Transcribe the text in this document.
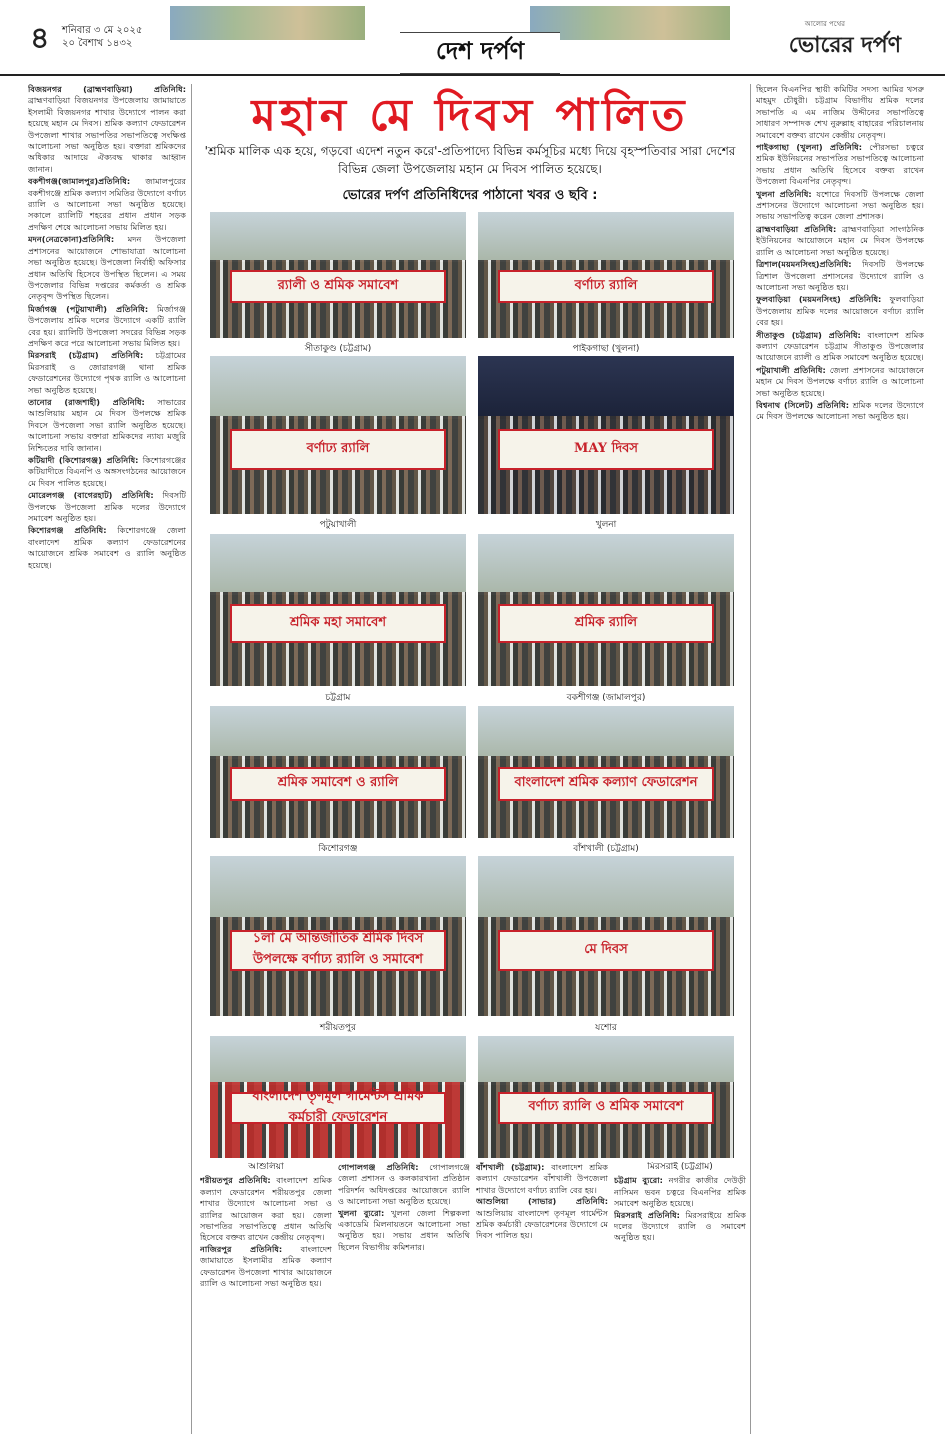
৪ শনিবার ৩ মে ২০২৫
২০ বৈশাখ ১৪৩২	দেশ দর্পণ
আলোর পথের
ভোরের দর্পণ

বিজয়নগর (ব্রাহ্মণবাড়িয়া) প্রতিনিধি: ব্রাহ্মণবাড়িয়া বিজয়নগর উপজেলায় জামায়াতে ইসলামী বিজয়নগর শাখার উদ্যোগে পালন করা হয়েছে মহান মে দিবস। শ্রমিক কল্যাণ ফেডারেশন উপজেলা শাখার সভাপতির সভাপতিত্বে সংক্ষিপ্ত আলোচনা সভা অনুষ্ঠিত হয়। বক্তারা শ্রমিকদের অধিকার আদায়ে ঐক্যবদ্ধ থাকার আহ্বান জানান।

বকশীগঞ্জ(জামালপুর)প্রতিনিধি: জামালপুরের বকশীগঞ্জে শ্রমিক কল্যাণ সমিতির উদ্যোগে বর্ণাঢ্য র‍্যালি ও আলোচনা সভা অনুষ্ঠিত হয়েছে। সকালে র‍্যালিটি শহরের প্রধান প্রধান সড়ক প্রদক্ষিণ শেষে আলোচনা সভায় মিলিত হয়।

মদন(নেত্রকোনা)প্রতিনিধি: মদন উপজেলা প্রশাসনের আয়োজনে শোভাযাত্রা আলোচনা সভা অনুষ্ঠিত হয়েছে। উপজেলা নির্বাহী অফিসার প্রধান অতিথি হিসেবে উপস্থিত ছিলেন। এ সময় উপজেলার বিভিন্ন দপ্তরের কর্মকর্তা ও শ্রমিক নেতৃবৃন্দ উপস্থিত ছিলেন।

মির্জাগঞ্জ (পটুয়াখালী) প্রতিনিধি: মির্জাগঞ্জ উপজেলায় শ্রমিক দলের উদ্যোগে একটি র‍্যালি বের হয়। র‍্যালিটি উপজেলা সদরের বিভিন্ন সড়ক প্রদক্ষিণ করে পরে আলোচনা সভায় মিলিত হয়।

মিরসরাই (চট্টগ্রাম) প্রতিনিধি: চট্টগ্রামের মিরসরাই ও জোরারগঞ্জ থানা শ্রমিক ফেডারেশনের উদ্যোগে পৃথক র‍্যালি ও আলোচনা সভা অনুষ্ঠিত হয়েছে।

তানোর (রাজশাহী) প্রতিনিধি: সাভারের আশুলিয়ায় মহান মে দিবস উপলক্ষে শ্রমিক দিবসে উপজেলা সভা র‍্যালি অনুষ্ঠিত হয়েছে। আলোচনা সভায় বক্তারা শ্রমিকদের ন্যায্য মজুরি নিশ্চিতের দাবি জানান।

কটিয়াদী (কিশোরগঞ্জ) প্রতিনিধি: কিশোরগঞ্জের কটিয়াদীতে বিএনপি ও অঙ্গসংগঠনের আয়োজনে মে দিবস পালিত হয়েছে।

মোরেলগঞ্জ (বাগেরহাট) প্রতিনিধি: দিবসটি উপলক্ষে উপজেলা শ্রমিক দলের উদ্যোগে সমাবেশ অনুষ্ঠিত হয়।

কিশোরগঞ্জ প্রতিনিধি: কিশোরগঞ্জে জেলা বাংলাদেশ শ্রমিক কল্যাণ ফেডারেশনের আয়োজনে শ্রমিক সমাবেশ ও র‍্যালি অনুষ্ঠিত হয়েছে।

মহান মে দিবস পালিত
'শ্রমিক মালিক এক হয়ে, গড়বো এদেশ নতুন করে'-প্রতিপাদ্যে বিভিন্ন কর্মসূচির মধ্যে দিয়ে বৃহস্পতিবার সারা দেশের বিভিন্ন জেলা উপজেলায় মহান মে দিবস পালিত হয়েছে।
ভোরের দর্পণ প্রতিনিধিদের পাঠানো খবর ও ছবি :
র‍্যালী ও শ্রমিক সমাবেশ
সীতাকুণ্ড (চট্টগ্রাম)
বর্ণাঢ্য র‍্যালি
পাইকগাছা (খুলনা)
বর্ণাঢ্য র‍্যালি
পটুয়াখালী
MAY দিবস
খুলনা
শ্রমিক মহা সমাবেশ
চট্টগ্রাম
শ্রমিক র‍্যালি
বকশীগঞ্জ (জামালপুর)
শ্রমিক সমাবেশ ও র‍্যালি
কিশোরগঞ্জ
বাংলাদেশ শ্রমিক কল্যাণ ফেডারেশন
বাঁশখালী (চট্টগ্রাম)
১লা মে আন্তর্জাতিক শ্রমিক দিবস উপলক্ষে বর্ণাঢ্য র‍্যালি ও সমাবেশ
শরীয়তপুর
মে দিবস
যশোর
বাংলাদেশ তৃণমূল গার্মেন্টস শ্রমিক কর্মচারী ফেডারেশন
বর্ণাঢ্য র‍্যালি ও শ্রমিক সমাবেশ
আশুলিয়া

শরীয়তপুর প্রতিনিধি: বাংলাদেশ শ্রমিক কল্যাণ ফেডারেশন শরীয়তপুর জেলা শাখার উদ্যোগে আলোচনা সভা ও র‍্যালির আয়োজন করা হয়। জেলা সভাপতির সভাপতিত্বে প্রধান অতিথি হিসেবে বক্তব্য রাখেন কেন্দ্রীয় নেতৃবৃন্দ।

নাজিরপুর প্রতিনিধি: বাংলাদেশ জামায়াতে ইসলামীর শ্রমিক কল্যাণ ফেডারেশন উপজেলা শাখার আয়োজনে র‍্যালি ও আলোচনা সভা অনুষ্ঠিত হয়।

গোপালগঞ্জ প্রতিনিধি: গোপালগঞ্জে জেলা প্রশাসন ও কলকারখানা প্রতিষ্ঠান পরিদর্শন অধিদপ্তরের আয়োজনে র‍্যালি ও আলোচনা সভা অনুষ্ঠিত হয়েছে।

খুলনা ব্যুরো: খুলনা জেলা শিল্পকলা একাডেমি মিলনায়তনে আলোচনা সভা অনুষ্ঠিত হয়। সভায় প্রধান অতিথি ছিলেন বিভাগীয় কমিশনার।

বাঁশখালী (চট্টগ্রাম): বাংলাদেশ শ্রমিক কল্যাণ ফেডারেশন বাঁশখালী উপজেলা শাখার উদ্যোগে বর্ণাঢ্য র‍্যালি বের হয়।

আশুলিয়া (সাভার) প্রতিনিধি: আশুলিয়ায় বাংলাদেশ তৃণমূল গার্মেন্টস শ্রমিক কর্মচারী ফেডারেশনের উদ্যোগে মে দিবস পালিত হয়।

মিরসরাই (চট্টগ্রাম)

চট্টগ্রাম ব্যুরো: নগরীর কাজীর দেউড়ী নাসিমন ভবন চত্বরে বিএনপির শ্রমিক সমাবেশ অনুষ্ঠিত হয়েছে।

মিরসরাই প্রতিনিধি: মিরসরাইয়ে শ্রমিক দলের উদ্যোগে র‍্যালি ও সমাবেশ অনুষ্ঠিত হয়।

ছিলেন বিএনপির স্থায়ী কমিটির সদস্য আমির খসরু মাহমুদ চৌধুরী। চট্টগ্রাম বিভাগীয় শ্রমিক দলের সভাপতি এ এম নাজিম উদ্দীনের সভাপতিত্বে সাধারণ সম্পাদক শেখ নুরুল্লাহ বাহারের পরিচালনায় সমাবেশে বক্তব্য রাখেন কেন্দ্রীয় নেতৃবৃন্দ।

পাইকগাছা (খুলনা) প্রতিনিধি: পৌরসভা চত্বরে শ্রমিক ইউনিয়নের সভাপতির সভাপতিত্বে আলোচনা সভায় প্রধান অতিথি হিসেবে বক্তব্য রাখেন উপজেলা বিএনপির নেতৃবৃন্দ।

খুলনা প্রতিনিধি: যশোরে দিবসটি উপলক্ষে জেলা প্রশাসনের উদ্যোগে আলোচনা সভা অনুষ্ঠিত হয়। সভায় সভাপতিত্ব করেন জেলা প্রশাসক।

ব্রাহ্মণবাড়িয়া প্রতিনিধি: ব্রাহ্মণবাড়িয়া সাংগঠনিক ইউনিয়নের আয়োজনে মহান মে দিবস উপলক্ষে র‍্যালি ও আলোচনা সভা অনুষ্ঠিত হয়েছে।

ত্রিশাল(ময়মনসিংহ)প্রতিনিধি: দিবসটি উপলক্ষে ত্রিশাল উপজেলা প্রশাসনের উদ্যোগে র‍্যালি ও আলোচনা সভা অনুষ্ঠিত হয়।

ফুলবাড়িয়া (ময়মনসিংহ) প্রতিনিধি: ফুলবাড়িয়া উপজেলায় শ্রমিক দলের আয়োজনে বর্ণাঢ্য র‍্যালি বের হয়।

সীতাকুণ্ড (চট্টগ্রাম) প্রতিনিধি: বাংলাদেশ শ্রমিক কল্যাণ ফেডারেশন চট্টগ্রাম সীতাকুণ্ড উপজেলার আয়োজনে র‍্যালী ও শ্রমিক সমাবেশ অনুষ্ঠিত হয়েছে।

পটুয়াখালী প্রতিনিধি: জেলা প্রশাসনের আয়োজনে মহান মে দিবস উপলক্ষে বর্ণাঢ্য র‍্যালি ও আলোচনা সভা অনুষ্ঠিত হয়েছে।

বিশ্বনাথ (সিলেট) প্রতিনিধি: শ্রমিক দলের উদ্যোগে মে দিবস উপলক্ষে আলোচনা সভা অনুষ্ঠিত হয়।
